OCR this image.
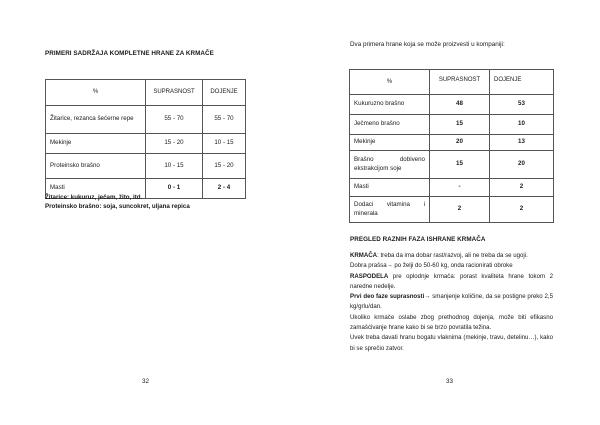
PRIMERI SADRŽAJA KOMPLETNE HRANE ZA KRMAČE
%	SUPRASNOST	DOJENJE
Žitarice, rezanca šećerne repe	55 - 70	55 - 70
Mekinje	15 - 20	10 - 15
Proteinsko brašno	10 - 15	15 - 20
Masti	0 - 1	2 - 4
Žitarice: kukuruz, ječam, žito, itd.
Proteinsko brašno: soja, suncokret, uljana repica
32
Dva primera hrane koja se može proizvesti u kompaniji:
%	SUPRASNOST	DOJENJE
Kukuruzno brašno	48	53
Ječmeno brašno	15	10
Mekinje	20	13
Brašno dobiveno ekstrakcijom soje	15	20
Masti	-	2
Dodaci vitamina i minerala	2	2
PREGLED RAZNIH FAZA ISHRANE KRMAČA

KRMAČA: treba da ima dobar rast/razvoj, ali ne treba da se ugoji.

Dobra prašsa→ po želji do 50-60 kg, onda racionirati obroke

RASPODELA pre oplodnje krmača: porast kvaliteta hrane tokom 2 naredne nedelje.

Prvi deo faze suprasnosti→ smanjenje količine, da se postigne preko 2,5 kg/grlu/dan.

Ukoliko krmače oslabe zbog prethodnog dojenja, može biti efikasno zamašćivanje hrane kako bi se brzo povratila težina.

Uvek treba davati hranu bogatu vlaknima (mekinje, travu, detelinu…), kako bi se sprečio zatvor.

33
